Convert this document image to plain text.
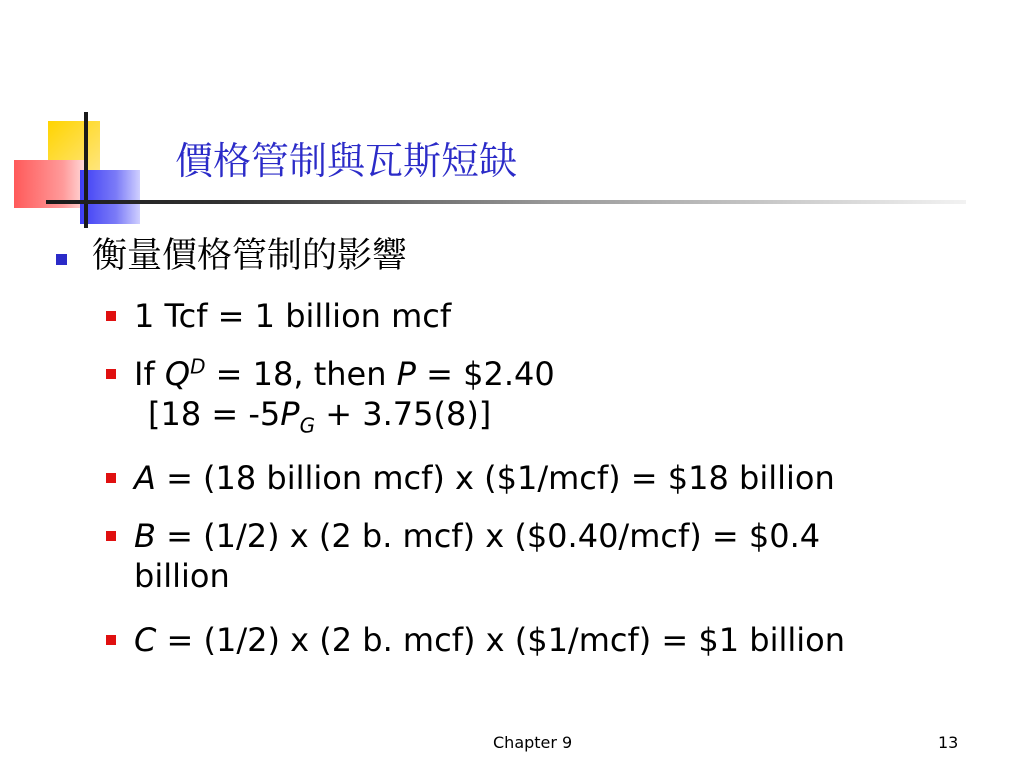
價格管制與瓦斯短缺
衡量價格管制的影響
1 Tcf = 1 billion mcf
If $Q^D = 18$, then P = $2.40
$[18 = -5P_G + 3.75(8)]$
A = (18 billion mcf) x ($1/mcf) = $18 billion
B = (1/2) x (2 b. mcf) x ($0.40/mcf) = $0.4 billion
C = (1/2) x (2 b. mcf) x ($1/mcf) = $1 billion
Chapter 9	13
